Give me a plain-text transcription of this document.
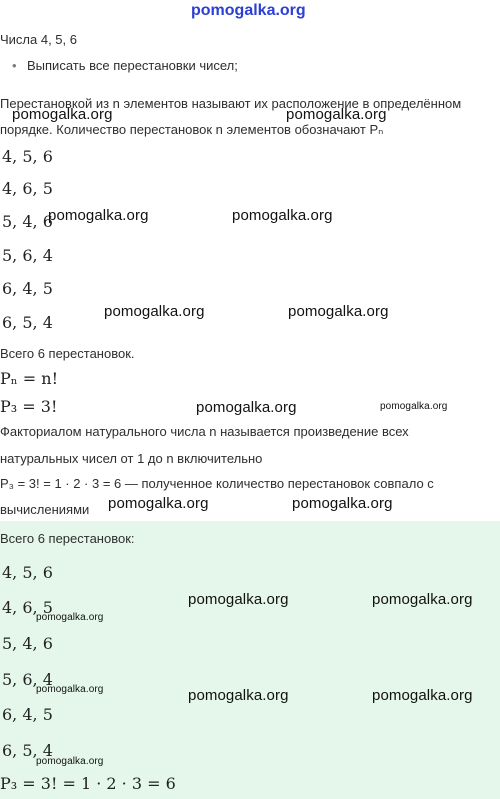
pomogalka.org
Числа 4, 5, 6
• Выписать все перестановки чисел;
Перестановкой из n элементов называют их расположение в определённом
порядке. Количество перестановок n элементов обозначают Pₙ
4, 5, 6
4, 6, 5
5, 4, 6
5, 6, 4
6, 4, 5
6, 5, 4
Всего 6 перестановок.
Pₙ = n!
P₃ = 3!
Факториалом натурального числа n называется произведение всех
натуральных чисел от 1 до n включительно
P₃ = 3! = 1 · 2 · 3 = 6 — полученное количество перестановок совпало с
вычислениями
Всего 6 перестановок:
4, 5, 6
4, 6, 5
5, 4, 6
5, 6, 4
6, 4, 5
6, 5, 4
P₃ = 3! = 1 · 2 · 3 = 6
pomogalka.org	pomogalka.org
pomogalka.org	pomogalka.org
pomogalka.org	pomogalka.org
pomogalka.org	pomogalka.org
pomogalka.org	pomogalka.org
pomogalka.org	pomogalka.org
pomogalka.org
pomogalka.org	pomogalka.org
pomogalka.org
pomogalka.org
